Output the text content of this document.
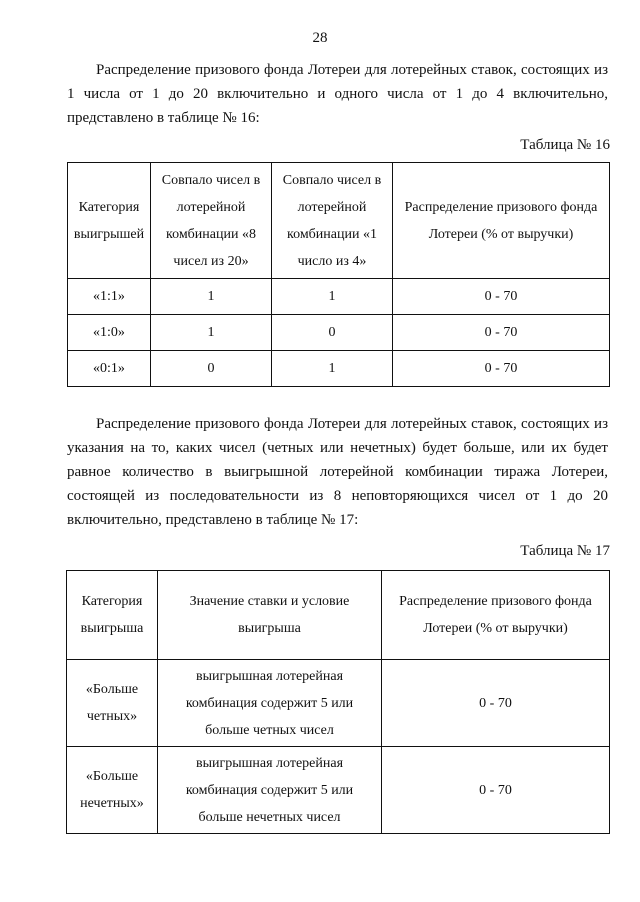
28

Распределение призового фонда Лотереи для лотерейных ставок, состоящих из 1 числа от 1 до 20 включительно и одного числа от 1 до 4 включительно, представлено в таблице № 16:

Таблица № 16
Категория выигрышей	Совпало чисел в лотерейной комбинации «8 чисел из 20»	Совпало чисел в лотерейной комбинации «1 число из 4»	Распределение призового фонда Лотереи (% от выручки)
«1:1»	1	1	0 - 70
«1:0»	1	0	0 - 70
«0:1»	0	1	0 - 70

Распределение призового фонда Лотереи для лотерейных ставок, состоящих из указания на то, каких чисел (четных или нечетных) будет больше, или их будет равное количество в выигрышной лотерейной комбинации тиража Лотереи, состоящей из последовательности из 8 неповторяющихся чисел от 1 до 20 включительно, представлено в таблице № 17:

Таблица № 17
Категория выигрыша	Значение ставки и условие выигрыша	Распределение призового фонда Лотереи (% от выручки)
«Больше четных»	выигрышная лотерейная комбинация содержит 5 или больше четных чисел	0 - 70
«Больше нечетных»	выигрышная лотерейная комбинация содержит 5 или больше нечетных чисел	0 - 70
